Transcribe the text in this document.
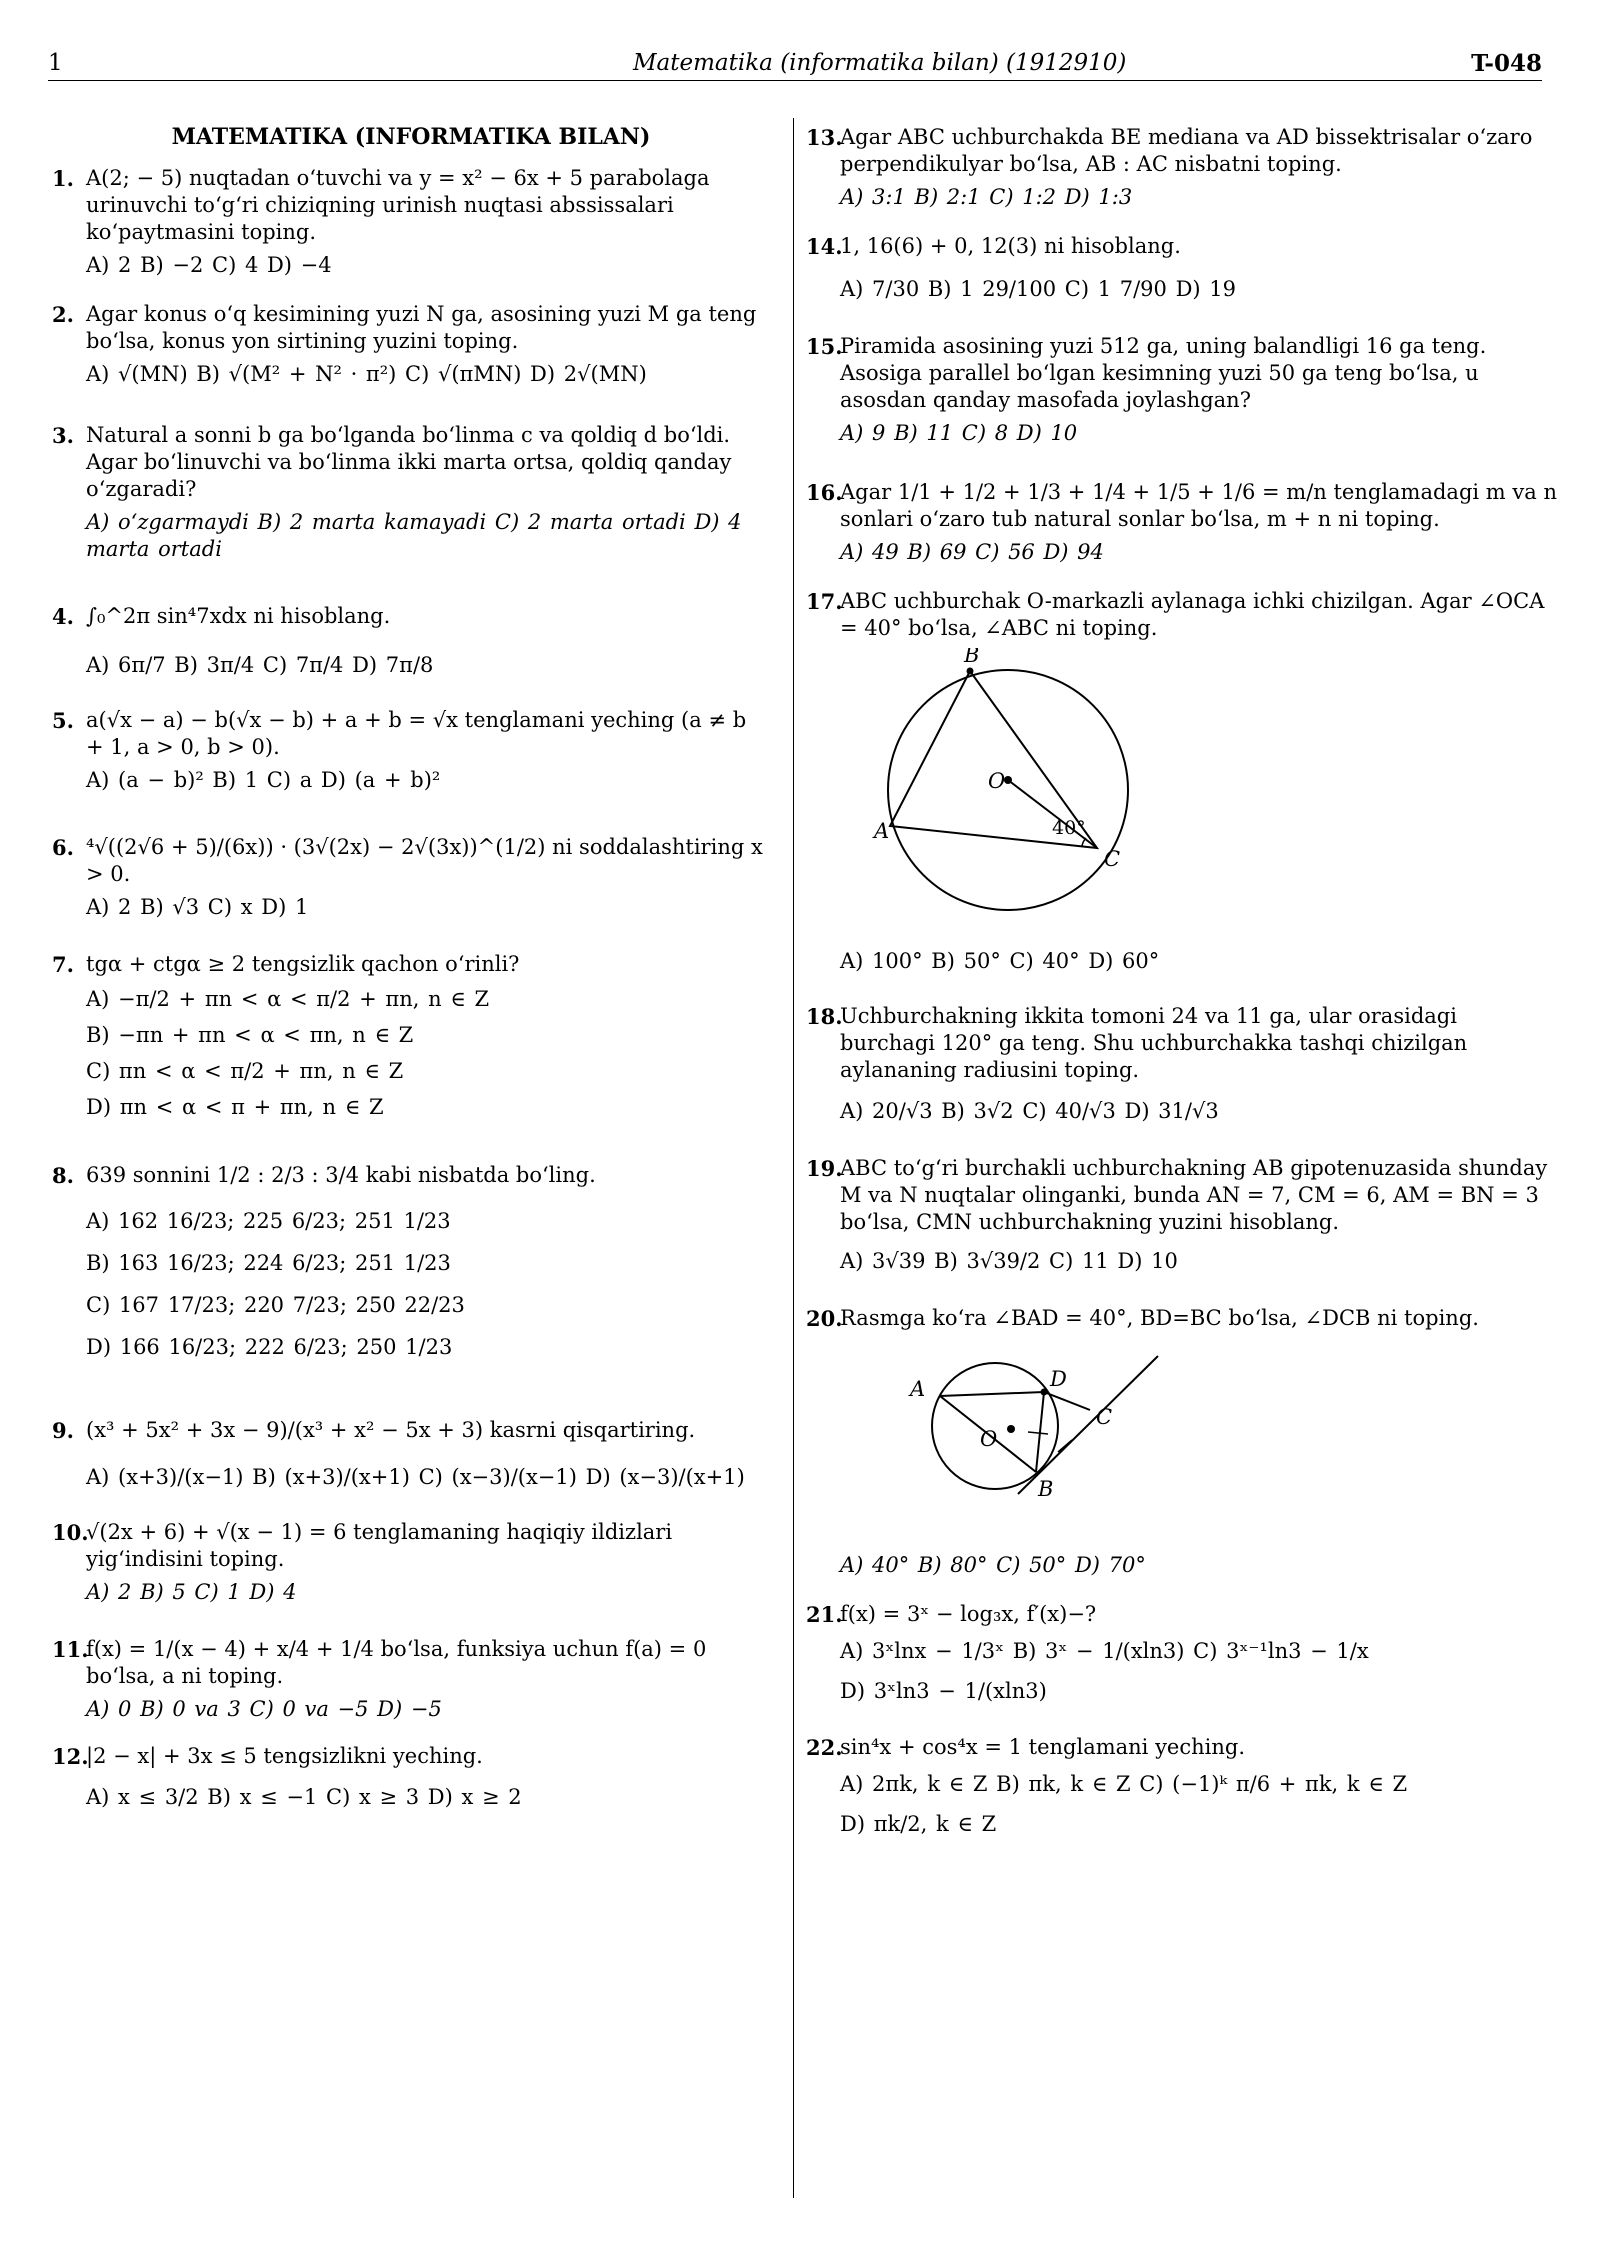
1	Matematika (informatika bilan) (1912910)	T-048
MATEMATIKA (INFORMATIKA BILAN)
1. A(2; − 5) nuqtadan o‘tuvchi va y = x² − 6x + 5 parabolaga urinuvchi to‘g‘ri chiziqning urinish nuqtasi abssissalari ko‘paytmasini toping.
A) 2 B) −2 C) 4 D) −4
2. Agar konus o‘q kesimining yuzi N ga, asosining yuzi M ga teng bo‘lsa, konus yon sirtining yuzini toping.
A) √(MN) B) √(M² + N² · π²) C) √(πMN) D) 2√(MN)
3. Natural a sonni b ga bo‘lganda bo‘linma c va qoldiq d bo‘ldi. Agar bo‘linuvchi va bo‘linma ikki marta ortsa, qoldiq qanday o‘zgaradi?
A) o‘zgarmaydi B) 2 marta kamayadi C) 2 marta ortadi D) 4 marta ortadi
4. ∫₀^2π sin⁴7xdx ni hisoblang.
A) 6π/7 B) 3π/4 C) 7π/4 D) 7π/8
5. a(√x − a) − b(√x − b) + a + b = √x tenglamani yeching (a ≠ b + 1, a > 0, b > 0).
A) (a − b)² B) 1 C) a D) (a + b)²
6. ⁴√((2√6 + 5)/(6x)) · (3√(2x) − 2√(3x))^(1/2) ni soddalashtiring x > 0.
A) 2 B) √3 C) x D) 1
7. tgα + ctgα ≥ 2 tengsizlik qachon o‘rinli?
A) −π/2 + πn < α < π/2 + πn, n ∈ Z
B) −πn + πn < α < πn, n ∈ Z
C) πn < α < π/2 + πn, n ∈ Z
D) πn < α < π + πn, n ∈ Z
8. 639 sonnini 1/2 : 2/3 : 3/4 kabi nisbatda bo‘ling.
A) 162 16/23; 225 6/23; 251 1/23
B) 163 16/23; 224 6/23; 251 1/23
C) 167 17/23; 220 7/23; 250 22/23
D) 166 16/23; 222 6/23; 250 1/23
9. (x³ + 5x² + 3x − 9)/(x³ + x² − 5x + 3) kasrni qisqartiring.
A) (x+3)/(x−1) B) (x+3)/(x+1) C) (x−3)/(x−1) D) (x−3)/(x+1)
10.
√(2x + 6) + √(x − 1) = 6 tenglamaning haqiqiy ildizlari yig‘indisini toping.
A) 2 B) 5 C) 1 D) 4
11.
f(x) = 1/(x − 4) + x/4 + 1/4 bo‘lsa, funksiya uchun f(a) = 0 bo‘lsa, a ni toping.
A) 0 B) 0 va 3 C) 0 va −5 D) −5
12.
|2 − x| + 3x ≤ 5 tengsizlikni yeching.
A) x ≤ 3/2 B) x ≤ −1 C) x ≥ 3 D) x ≥ 2
13.
Agar ABC uchburchakda BE mediana va AD bissektrisalar o‘zaro perpendikulyar bo‘lsa, AB : AC nisbatni toping.
A) 3:1 B) 2:1 C) 1:2 D) 1:3
14.
1, 16(6) + 0, 12(3) ni hisoblang.
A) 7/30 B) 1 29/100 C) 1 7/90 D) 19
15.
Piramida asosining yuzi 512 ga, uning balandligi 16 ga teng. Asosiga parallel bo‘lgan kesimning yuzi 50 ga teng bo‘lsa, u asosdan qanday masofada joylashgan?
A) 9 B) 11 C) 8 D) 10
16.
Agar 1/1 + 1/2 + 1/3 + 1/4 + 1/5 + 1/6 = m/n tenglamadagi m va n sonlari o‘zaro tub natural sonlar bo‘lsa, m + n ni toping.
A) 49 B) 69 C) 56 D) 94
17.
ABC uchburchak O-markazli aylanaga ichki chizilgan. Agar ∠OCA = 40° bo‘lsa, ∠ABC ni toping.
B
O
A
C
40°
A) 100° B) 50° C) 40° D) 60°
18.
Uchburchakning ikkita tomoni 24 va 11 ga, ular orasidagi burchagi 120° ga teng. Shu uchburchakka tashqi chizilgan aylananing radiusini toping.
A) 20/√3 B) 3√2 C) 40/√3 D) 31/√3
19.
ABC to‘g‘ri burchakli uchburchakning AB gipotenuzasida shunday M va N nuqtalar olinganki, bunda AN = 7, CM = 6, AM = BN = 3 bo‘lsa, CMN uchburchakning yuzini hisoblang.
A) 3√39 B) 3√39/2 C) 11 D) 10
20.
Rasmga ko‘ra ∠BAD = 40°, BD=BC bo‘lsa, ∠DCB ni toping.
A	D
C
O
B
A) 40° B) 80° C) 50° D) 70°
21.
f(x) = 3ˣ − log₃x, f′(x)−?
A) 3ˣlnx − 1/3ˣ B) 3ˣ − 1/(xln3) C) 3ˣ⁻¹ln3 − 1/x
D) 3ˣln3 − 1/(xln3)
22.
sin⁴x + cos⁴x = 1 tenglamani yeching.
A) 2πk, k ∈ Z B) πk, k ∈ Z C) (−1)ᵏ π/6 + πk, k ∈ Z
D) πk/2, k ∈ Z
